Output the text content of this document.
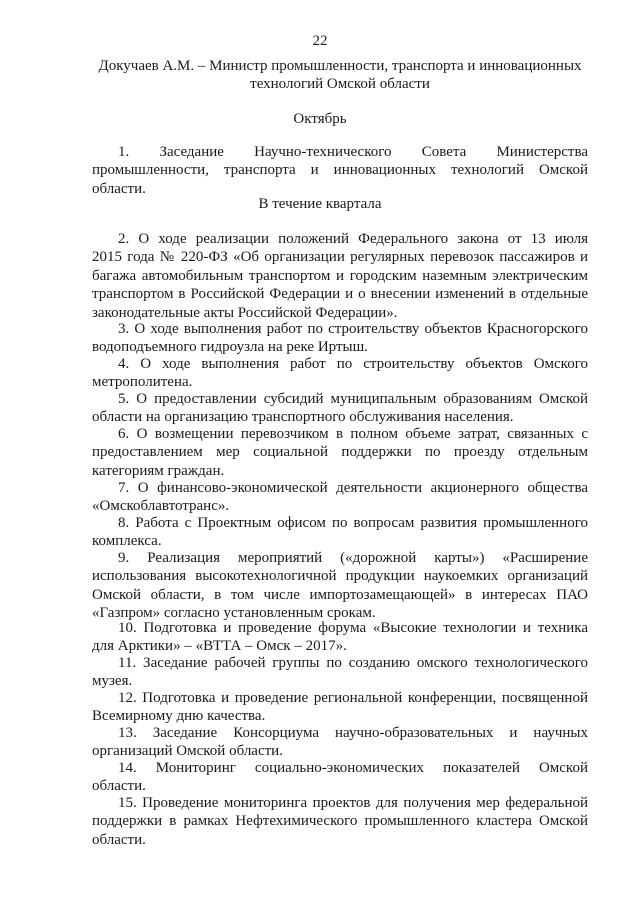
22
Докучаев А.М. – Министр промышленности, транспорта и инновационных
технологий Омской области
Октябрь
1. Заседание Научно-технического Совета Министерства
промышленности, транспорта и инновационных технологий Омской области.
В течение квартала
2. О ходе реализации положений Федерального закона от 13 июля
2015 года № 220-ФЗ «Об организации регулярных перевозок пассажиров и багажа автомобильным транспортом и городским наземным электрическим транспортом в Российской Федерации и о внесении изменений в отдельные законодательные акты Российской Федерации».
3. О ходе выполнения работ по строительству объектов Красногорского
водоподъемного гидроузла на реке Иртыш.
4. О ходе выполнения работ по строительству объектов Омского
метрополитена.
5. О предоставлении субсидий муниципальным образованиям Омской
области на организацию транспортного обслуживания населения.
6. О возмещении перевозчиком в полном объеме затрат, связанных с
предоставлением мер социальной поддержки по проезду отдельным категориям граждан.
7. О финансово-экономической деятельности акционерного общества
«Омскоблавтотранс».
8. Работа с Проектным офисом по вопросам развития промышленного
комплекса.
9. Реализация мероприятий («дорожной карты») «Расширение
использования высокотехнологичной продукции наукоемких организаций Омской области, в том числе импортозамещающей» в интересах ПАО «Газпром» согласно установленным срокам.
10. Подготовка и проведение форума «Высокие технологии и техника
для Арктики» – «ВТТА – Омск – 2017».
11. Заседание рабочей группы по созданию омского технологического
музея.
12. Подготовка и проведение региональной конференции, посвященной
Всемирному дню качества.
13. Заседание Консорциума научно-образовательных и научных
организаций Омской области.
14. Мониторинг социально-экономических показателей Омской
области.
15. Проведение мониторинга проектов для получения мер федеральной
поддержки в рамках Нефтехимического промышленного кластера Омской области.
